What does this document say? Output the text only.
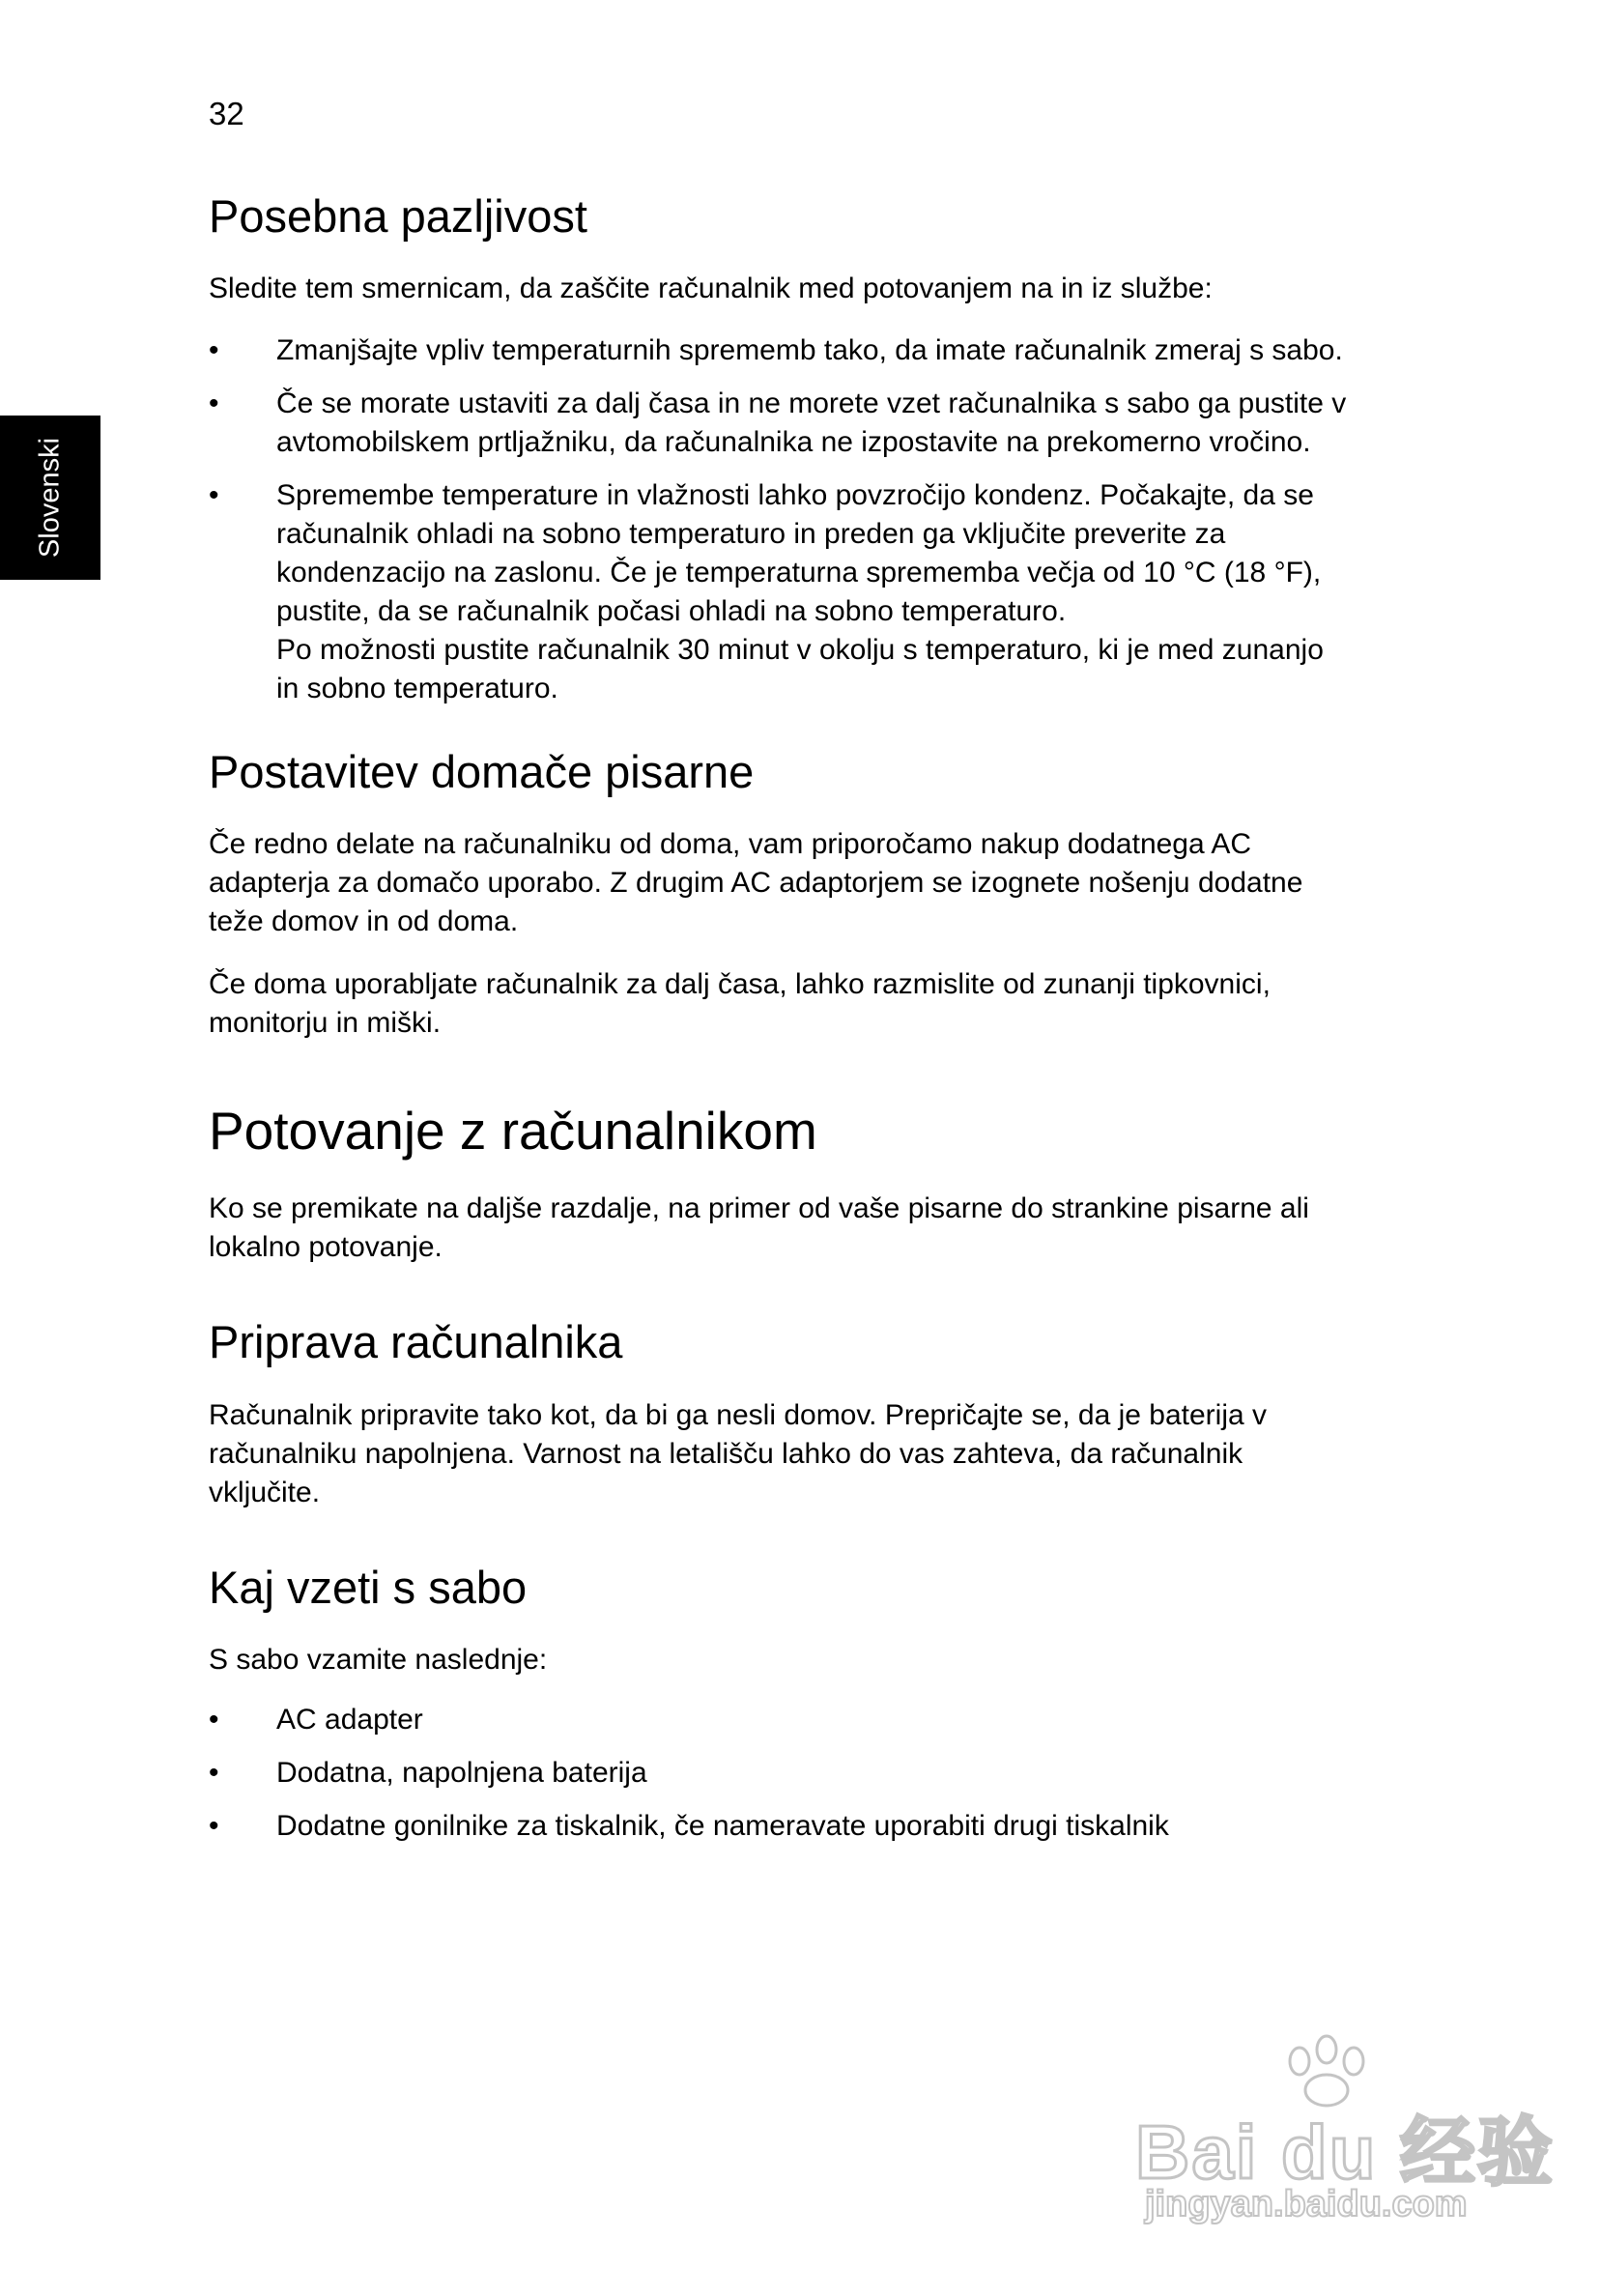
32
Slovenski
Posebna pazljivost

Sledite tem smernicam, da zaščite računalnik med potovanjem na in iz službe:

• Zmanjšajte vpliv temperaturnih sprememb tako, da imate računalnik zmeraj s sabo.
• Če se morate ustaviti za dalj časa in ne morete vzet računalnika s sabo ga pustite v avtomobilskem prtljažniku, da računalnika ne izpostavite na prekomerno vročino.
• Spremembe temperature in vlažnosti lahko povzročijo kondenz. Počakajte, da se računalnik ohladi na sobno temperaturo in preden ga vključite preverite za kondenzacijo na zaslonu. Če je temperaturna sprememba večja od 10 °C (18 °F), pustite, da se računalnik počasi ohladi na sobno temperaturo.
Po možnosti pustite računalnik 30 minut v okolju s temperaturo, ki je med zunanjo in sobno temperaturo.
Postavitev domače pisarne

Če redno delate na računalniku od doma, vam priporočamo nakup dodatnega AC adapterja za domačo uporabo. Z drugim AC adaptorjem se izognete nošenju dodatne teže domov in od doma.

Če doma uporabljate računalnik za dalj časa, lahko razmislite od zunanji tipkovnici, monitorju in miški.

Potovanje z računalnikom

Ko se premikate na daljše razdalje, na primer od vaše pisarne do strankine pisarne ali lokalno potovanje.

Priprava računalnika

Računalnik pripravite tako kot, da bi ga nesli domov. Prepričajte se, da je baterija v računalniku napolnjena. Varnost na letališču lahko do vas zahteva, da računalnik vključite.

Kaj vzeti s sabo

S sabo vzamite naslednje:

• AC adapter
• Dodatna, napolnjena baterija
• Dodatne gonilnike za tiskalnik, če nameravate uporabiti drugi tiskalnik
Bai du 经验
jingyan.baidu.com
